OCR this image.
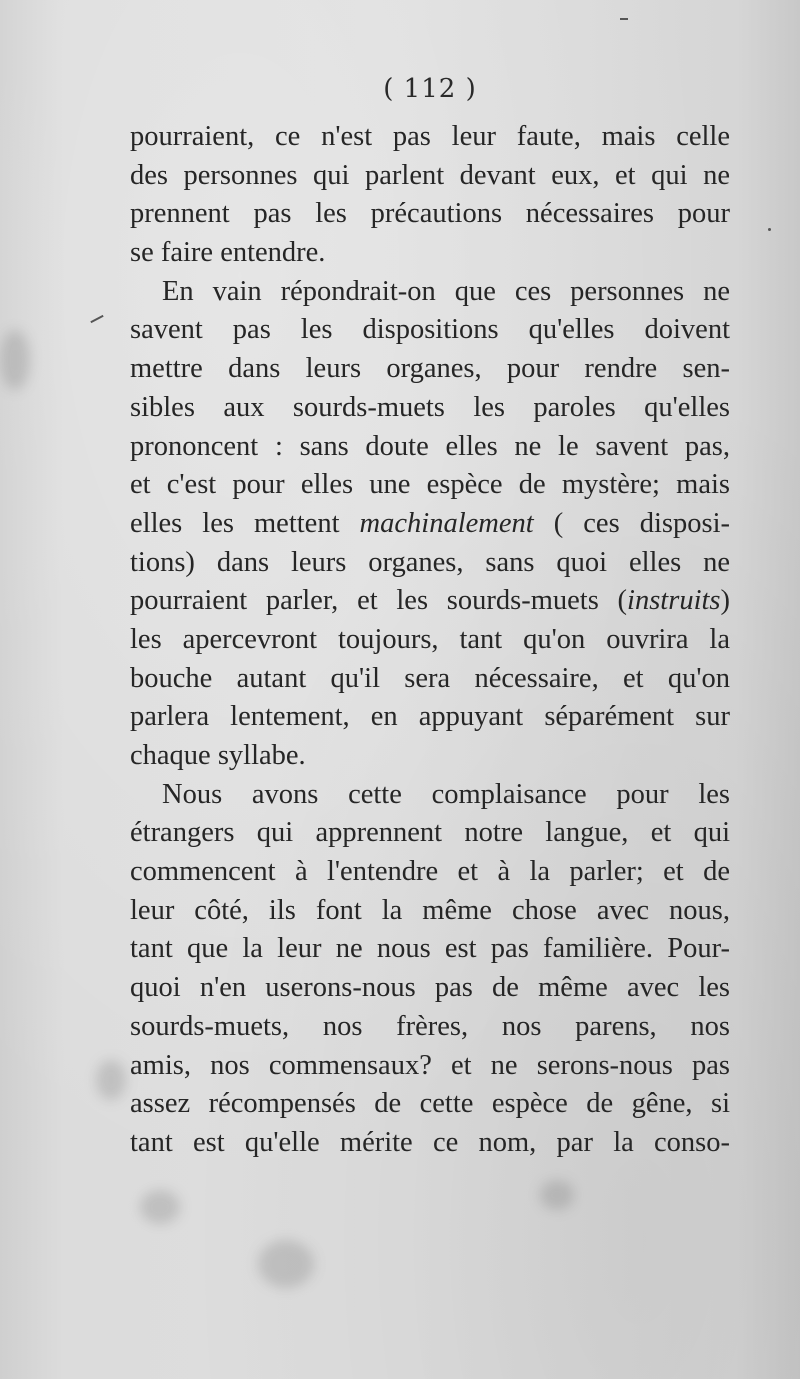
( 112 )
pourraient, ce n'est pas leur faute, mais celle
des personnes qui parlent devant eux, et qui ne
prennent pas les précautions nécessaires pour
se faire entendre.
En vain répondrait-on que ces personnes ne
savent pas les dispositions qu'elles doivent
mettre dans leurs organes, pour rendre sen-
sibles aux sourds-muets les paroles qu'elles
prononcent : sans doute elles ne le savent pas,
et c'est pour elles une espèce de mystère; mais
elles les mettent machinalement ( ces disposi-
tions) dans leurs organes, sans quoi elles ne
pourraient parler, et les sourds-muets (instruits)
les apercevront toujours, tant qu'on ouvrira la
bouche autant qu'il sera nécessaire, et qu'on
parlera lentement, en appuyant séparément sur
chaque syllabe.
Nous avons cette complaisance pour les
étrangers qui apprennent notre langue, et qui
commencent à l'entendre et à la parler; et de
leur côté, ils font la même chose avec nous,
tant que la leur ne nous est pas familière. Pour-
quoi n'en userons-nous pas de même avec les
sourds-muets, nos frères, nos parens, nos
amis, nos commensaux? et ne serons-nous pas
assez récompensés de cette espèce de gêne, si
tant est qu'elle mérite ce nom, par la conso-
